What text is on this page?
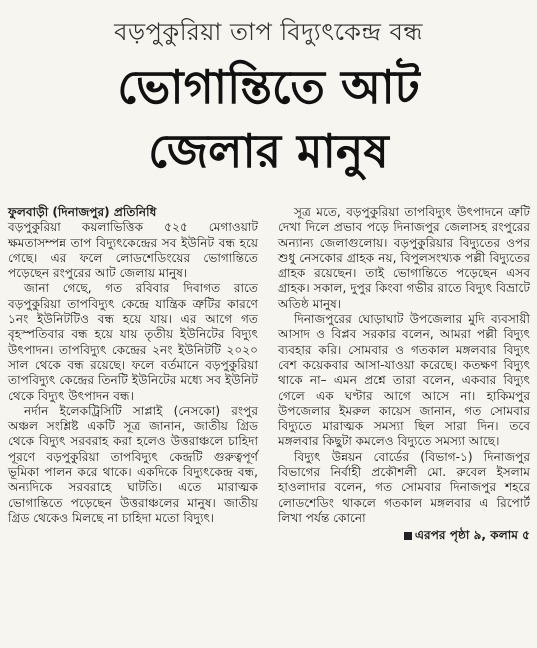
বড়পুকুরিয়া তাপ বিদ্যুৎকেন্দ্র বন্ধ
ভোগান্তিতে আট
জেলার মানুষ
ফুলবাড়ী (দিনাজপুর) প্রতিনিধি

বড়পুকুরিয়া কয়লাভিত্তিক ৫২৫ মেগাওয়াট ক্ষমতাসম্পন্ন তাপ বিদ্যুৎকেন্দ্রের সব ইউনিট বন্ধ হয়ে গেছে। এর ফলে লোডশেডিংয়ের ভোগান্তিতে পড়েছেন রংপুরের আট জেলায় মানুষ।

জানা গেছে, গত রবিবার দিবাগত রাতে বড়পুকুরিয়া তাপবিদ্যুৎ কেন্দ্রে যান্ত্রিক ত্রুটির কারণে ১নং ইউনিটটিও বন্ধ হয়ে যায়। এর আগে গত বৃহস্পতিবার বন্ধ হয়ে যায় তৃতীয় ইউনিটের বিদ্যুৎ উৎপাদন। তাপবিদ্যুৎ কেন্দ্রের ২নং ইউনিটটি ২০২০ সাল থেকে বন্ধ রয়েছে। ফলে বর্তমানে বড়পুকুরিয়া তাপবিদ্যুৎ কেন্দ্রের তিনটি ইউনিটের মধ্যে সব ইউনিট থেকে বিদ্যুৎ উৎপাদন বন্ধ।

নর্দান ইলেকট্রিসিটি সাপ্লাই (নেসকো) রংপুর অঞ্চল সংশ্লিষ্ট একটি সূত্র জানান, জাতীয় গ্রিড থেকে বিদ্যুৎ সরবরাহ করা হলেও উত্তরাঞ্চলে চাহিদা পূরণে বড়পুকুরিয়া তাপবিদ্যুৎ কেন্দ্রটি গুরুত্বপূর্ণ ভূমিকা পালন করে থাকে। একদিকে বিদ্যুৎকেন্দ্র বন্ধ, অন্যদিকে সরবরাহে ঘাটতি। এতে মারাত্মক ভোগান্তিতে পড়েছেন উত্তরাঞ্চলের মানুষ। জাতীয় গ্রিড থেকেও মিলছে না চাহিদা মতো বিদ্যুৎ।

সূত্র মতে, বড়পুকুরিয়া তাপবিদ্যুৎ উৎপাদনে ত্রুটি দেখা দিলে প্রভাব পড়ে দিনাজপুর জেলাসহ রংপুরের অন্যান্য জেলাগুলোয়। বড়পুকুরিয়ার বিদ্যুতের ওপর শুধু নেসকোর গ্রাহক নয়, বিপুলসংখ্যক পল্লী বিদ্যুতের গ্রাহক রয়েছেন। তাই ভোগান্তিতে পড়েছেন এসব গ্রাহক। সকাল, দুপুর কিংবা গভীর রাতে বিদ্যুৎ বিভ্রাটে অতিষ্ঠ মানুষ।

দিনাজপুরের ঘোড়াঘাট উপজেলার মুদি ব্যবসায়ী আসাদ ও বিপ্লব সরকার বলেন, আমরা পল্লী বিদ্যুৎ ব্যবহার করি। সোমবার ও গতকাল মঙ্গলবার বিদ্যুৎ বেশ কয়েকবার আসা-যাওয়া করেছে। কতক্ষণ বিদ্যুৎ থাকে না– এমন প্রশ্নে তারা বলেন, একবার বিদ্যুৎ গেলে এক ঘণ্টার আগে আসে না। হাকিমপুর উপজেলার ইমরুল কায়েস জানান, গত সোমবার বিদ্যুতে মারাত্মক সমস্যা ছিল সারা দিন। তবে মঙ্গলবার কিছুটা কমলেও বিদ্যুতে সমস্যা আছে।

বিদ্যুৎ উন্নয়ন বোর্ডের (বিভাগ-১) দিনাজপুর বিভাগের নির্বাহী প্রকৌশলী মো. রুবেল ইসলাম হাওলাদার বলেন, গত সোমবার দিনাজপুর শহরে লোডশেডিং থাকলে গতকাল মঙ্গলবার এ রিপোর্ট লিখা পর্যন্ত কোনো

এরপর পৃষ্ঠা ৯, কলাম ৫
